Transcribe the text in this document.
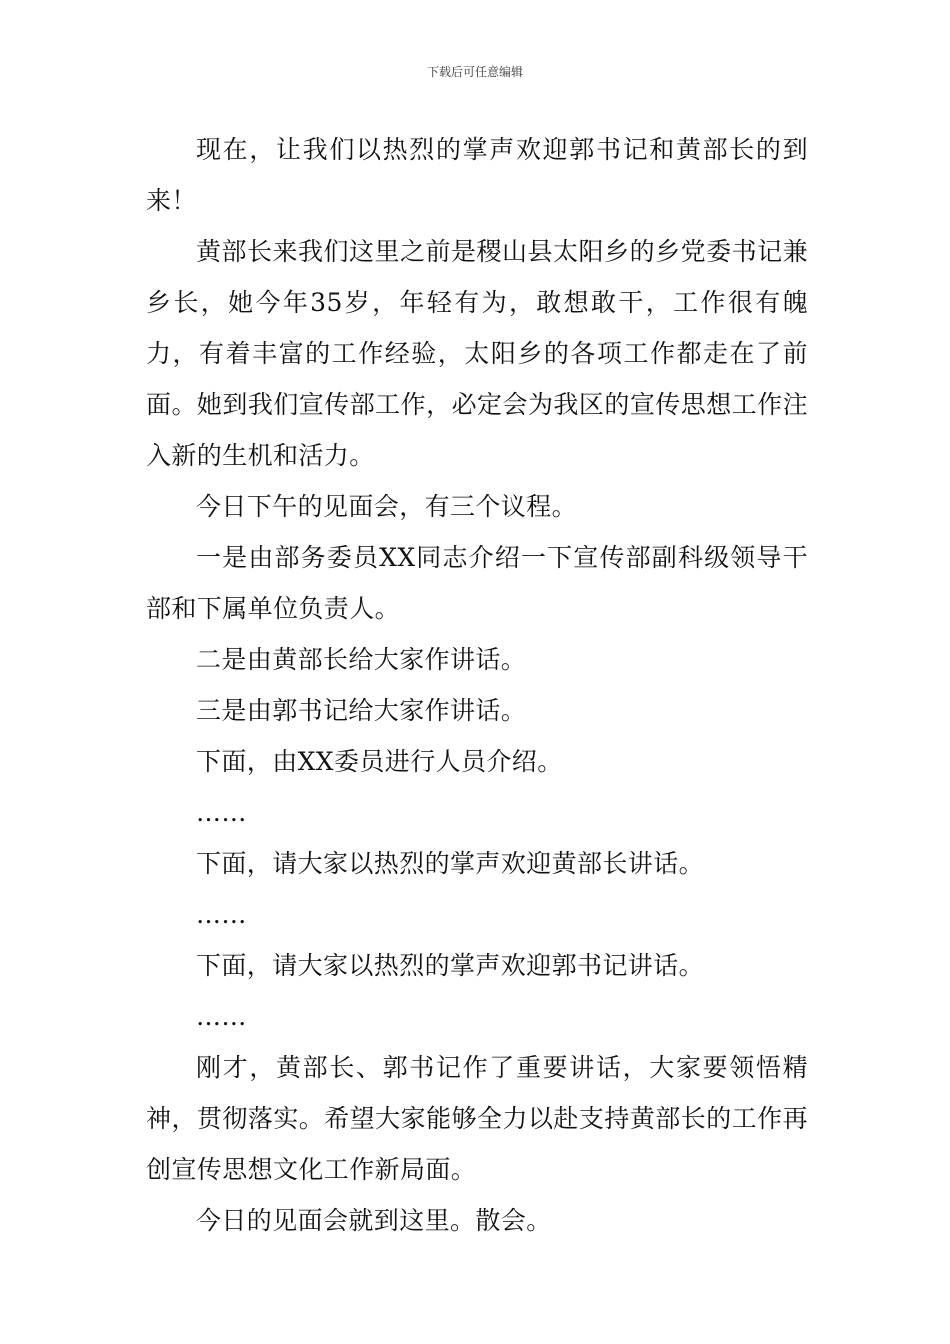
下载后可任意编辑

现在，让我们以热烈的掌声欢迎郭书记和黄部长的到来！

黄部长来我们这里之前是稷山县太阳乡的乡党委书记兼乡长，她今年35岁，年轻有为，敢想敢干，工作很有魄力，有着丰富的工作经验，太阳乡的各项工作都走在了前面。她到我们宣传部工作，必定会为我区的宣传思想工作注入新的生机和活力。

今日下午的见面会，有三个议程。

一是由部务委员XX同志介绍一下宣传部副科级领导干部和下属单位负责人。

二是由黄部长给大家作讲话。

三是由郭书记给大家作讲话。

下面，由XX委员进行人员介绍。

……

下面，请大家以热烈的掌声欢迎黄部长讲话。

……

下面，请大家以热烈的掌声欢迎郭书记讲话。

……

刚才，黄部长、郭书记作了重要讲话，大家要领悟精神，贯彻落实。希望大家能够全力以赴支持黄部长的工作再创宣传思想文化工作新局面。

今日的见面会就到这里。散会。
